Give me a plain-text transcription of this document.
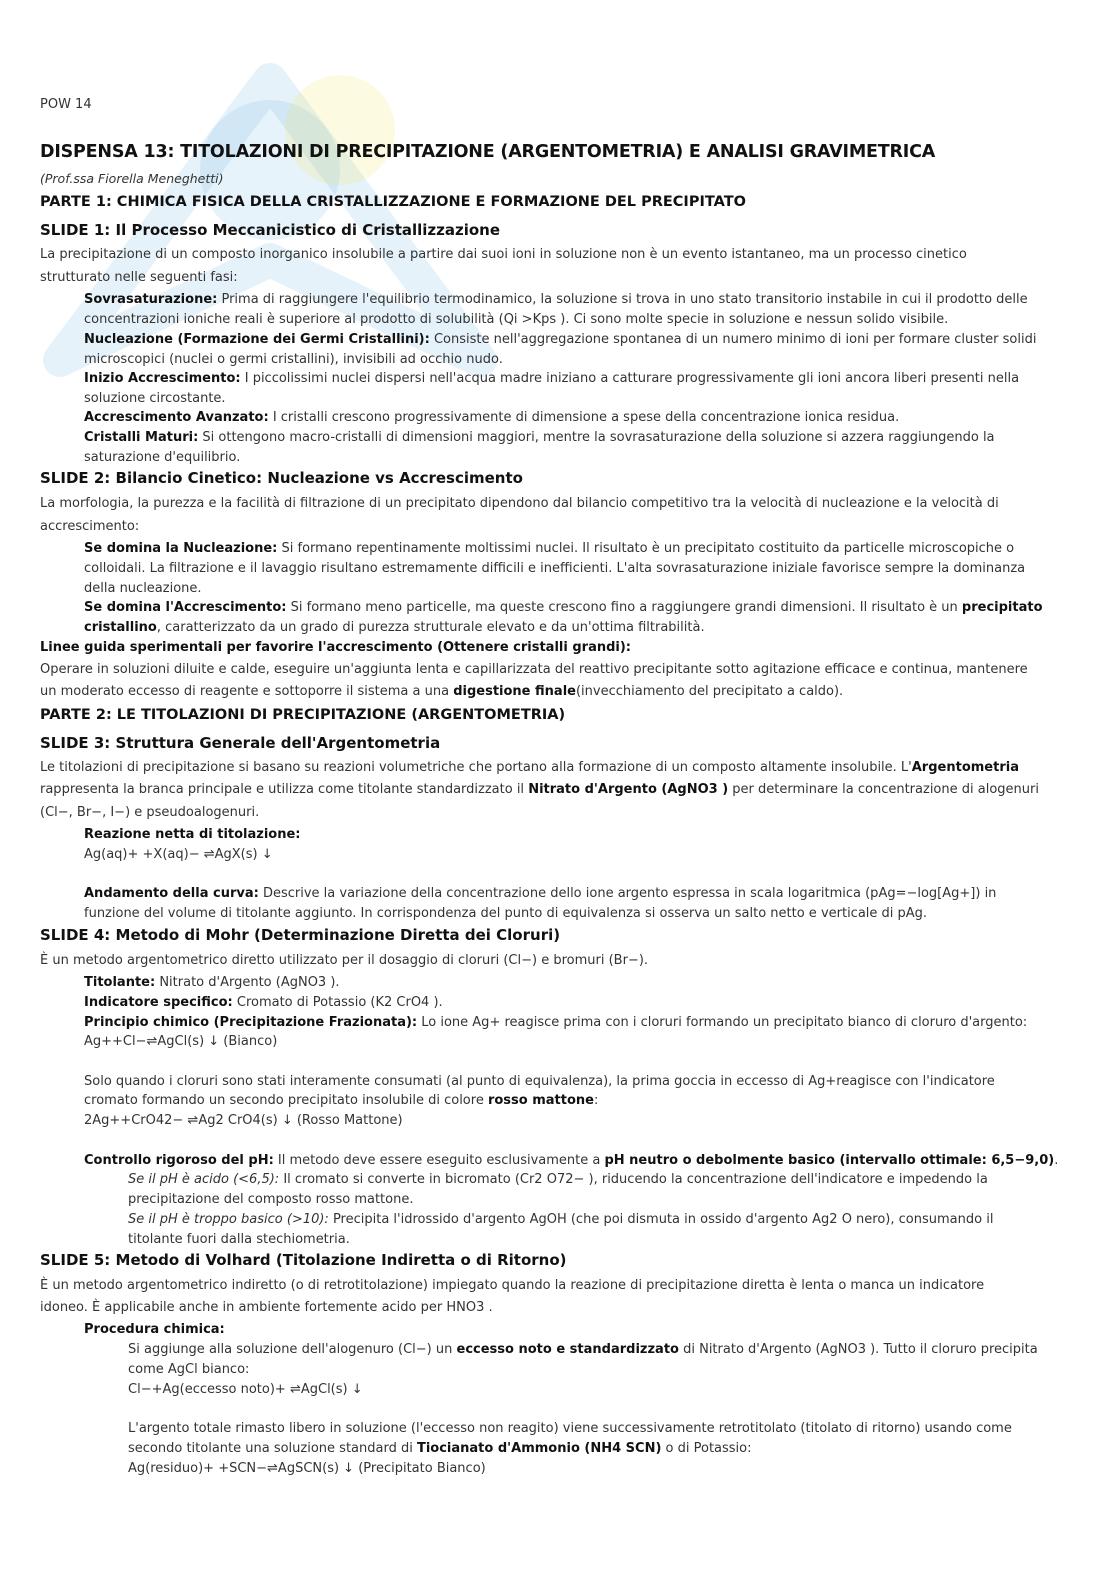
POW 14

DISPENSA 13: TITOLAZIONI DI PRECIPITAZIONE (ARGENTOMETRIA) E ANALISI GRAVIMETRICA

(Prof.ssa Fiorella Meneghetti)

PARTE 1: CHIMICA FISICA DELLA CRISTALLIZZAZIONE E FORMAZIONE DEL PRECIPITATO

SLIDE 1: Il Processo Meccanicistico di Cristallizzazione

La precipitazione di un composto inorganico insolubile a partire dai suoi ioni in soluzione non è un evento istantaneo, ma un processo cinetico

strutturato nelle seguenti fasi:

Sovrasaturazione: Prima di raggiungere l'equilibrio termodinamico, la soluzione si trova in uno stato transitorio instabile in cui il prodotto delle

concentrazioni ioniche reali è superiore al prodotto di solubilità (Qi >Kps ). Ci sono molte specie in soluzione e nessun solido visibile.

Nucleazione (Formazione dei Germi Cristallini): Consiste nell'aggregazione spontanea di un numero minimo di ioni per formare cluster solidi

microscopici (nuclei o germi cristallini), invisibili ad occhio nudo.

Inizio Accrescimento: I piccolissimi nuclei dispersi nell'acqua madre iniziano a catturare progressivamente gli ioni ancora liberi presenti nella

soluzione circostante.

Accrescimento Avanzato: I cristalli crescono progressivamente di dimensione a spese della concentrazione ionica residua.

Cristalli Maturi: Si ottengono macro-cristalli di dimensioni maggiori, mentre la sovrasaturazione della soluzione si azzera raggiungendo la

saturazione d'equilibrio.

SLIDE 2: Bilancio Cinetico: Nucleazione vs Accrescimento

La morfologia, la purezza e la facilità di filtrazione di un precipitato dipendono dal bilancio competitivo tra la velocità di nucleazione e la velocità di

accrescimento:

Se domina la Nucleazione: Si formano repentinamente moltissimi nuclei. Il risultato è un precipitato costituito da particelle microscopiche o

colloidali. La filtrazione e il lavaggio risultano estremamente difficili e inefficienti. L'alta sovrasaturazione iniziale favorisce sempre la dominanza

della nucleazione.

Se domina l'Accrescimento: Si formano meno particelle, ma queste crescono fino a raggiungere grandi dimensioni. Il risultato è un precipitato

cristallino, caratterizzato da un grado di purezza strutturale elevato e da un'ottima filtrabilità.

Linee guida sperimentali per favorire l'accrescimento (Ottenere cristalli grandi):

Operare in soluzioni diluite e calde, eseguire un'aggiunta lenta e capillarizzata del reattivo precipitante sotto agitazione efficace e continua, mantenere

un moderato eccesso di reagente e sottoporre il sistema a una digestione finale(invecchiamento del precipitato a caldo).

PARTE 2: LE TITOLAZIONI DI PRECIPITAZIONE (ARGENTOMETRIA)

SLIDE 3: Struttura Generale dell'Argentometria

Le titolazioni di precipitazione si basano su reazioni volumetriche che portano alla formazione di un composto altamente insolubile. L'Argentometria

rappresenta la branca principale e utilizza come titolante standardizzato il Nitrato d'Argento (AgNO3 ) per determinare la concentrazione di alogenuri

(Cl−, Br−, I−) e pseudoalogenuri.

Reazione netta di titolazione:

Ag(aq)+ +X(aq)− ⇌AgX(s) ↓

Andamento della curva: Descrive la variazione della concentrazione dello ione argento espressa in scala logaritmica (pAg=−log[Ag+]) in

funzione del volume di titolante aggiunto. In corrispondenza del punto di equivalenza si osserva un salto netto e verticale di pAg.

SLIDE 4: Metodo di Mohr (Determinazione Diretta dei Cloruri)

È un metodo argentometrico diretto utilizzato per il dosaggio di cloruri (Cl−) e bromuri (Br−).

Titolante: Nitrato d'Argento (AgNO3 ).

Indicatore specifico: Cromato di Potassio (K2 CrO4 ).

Principio chimico (Precipitazione Frazionata): Lo ione Ag+ reagisce prima con i cloruri formando un precipitato bianco di cloruro d'argento:

Ag++Cl−⇌AgCl(s) ↓ (Bianco)

Solo quando i cloruri sono stati interamente consumati (al punto di equivalenza), la prima goccia in eccesso di Ag+reagisce con l'indicatore

cromato formando un secondo precipitato insolubile di colore rosso mattone:

2Ag++CrO42− ⇌Ag2 CrO4(s) ↓ (Rosso Mattone)

Controllo rigoroso del pH: Il metodo deve essere eseguito esclusivamente a pH neutro o debolmente basico (intervallo ottimale: 6,5−9,0).

Se il pH è acido (<6,5): Il cromato si converte in bicromato (Cr2 O72− ), riducendo la concentrazione dell'indicatore e impedendo la

precipitazione del composto rosso mattone.

Se il pH è troppo basico (>10): Precipita l'idrossido d'argento AgOH (che poi dismuta in ossido d'argento Ag2 O nero), consumando il

titolante fuori dalla stechiometria.

SLIDE 5: Metodo di Volhard (Titolazione Indiretta o di Ritorno)

È un metodo argentometrico indiretto (o di retrotitolazione) impiegato quando la reazione di precipitazione diretta è lenta o manca un indicatore

idoneo. È applicabile anche in ambiente fortemente acido per HNO3 .

Procedura chimica:

Si aggiunge alla soluzione dell'alogenuro (Cl−) un eccesso noto e standardizzato di Nitrato d'Argento (AgNO3 ). Tutto il cloruro precipita

come AgCl bianco:

Cl−+Ag(eccesso noto)+ ⇌AgCl(s) ↓

L'argento totale rimasto libero in soluzione (l'eccesso non reagito) viene successivamente retrotitolato (titolato di ritorno) usando come

secondo titolante una soluzione standard di Tiocianato d'Ammonio (NH4 SCN) o di Potassio:

Ag(residuo)+ +SCN−⇌AgSCN(s) ↓ (Precipitato Bianco)
